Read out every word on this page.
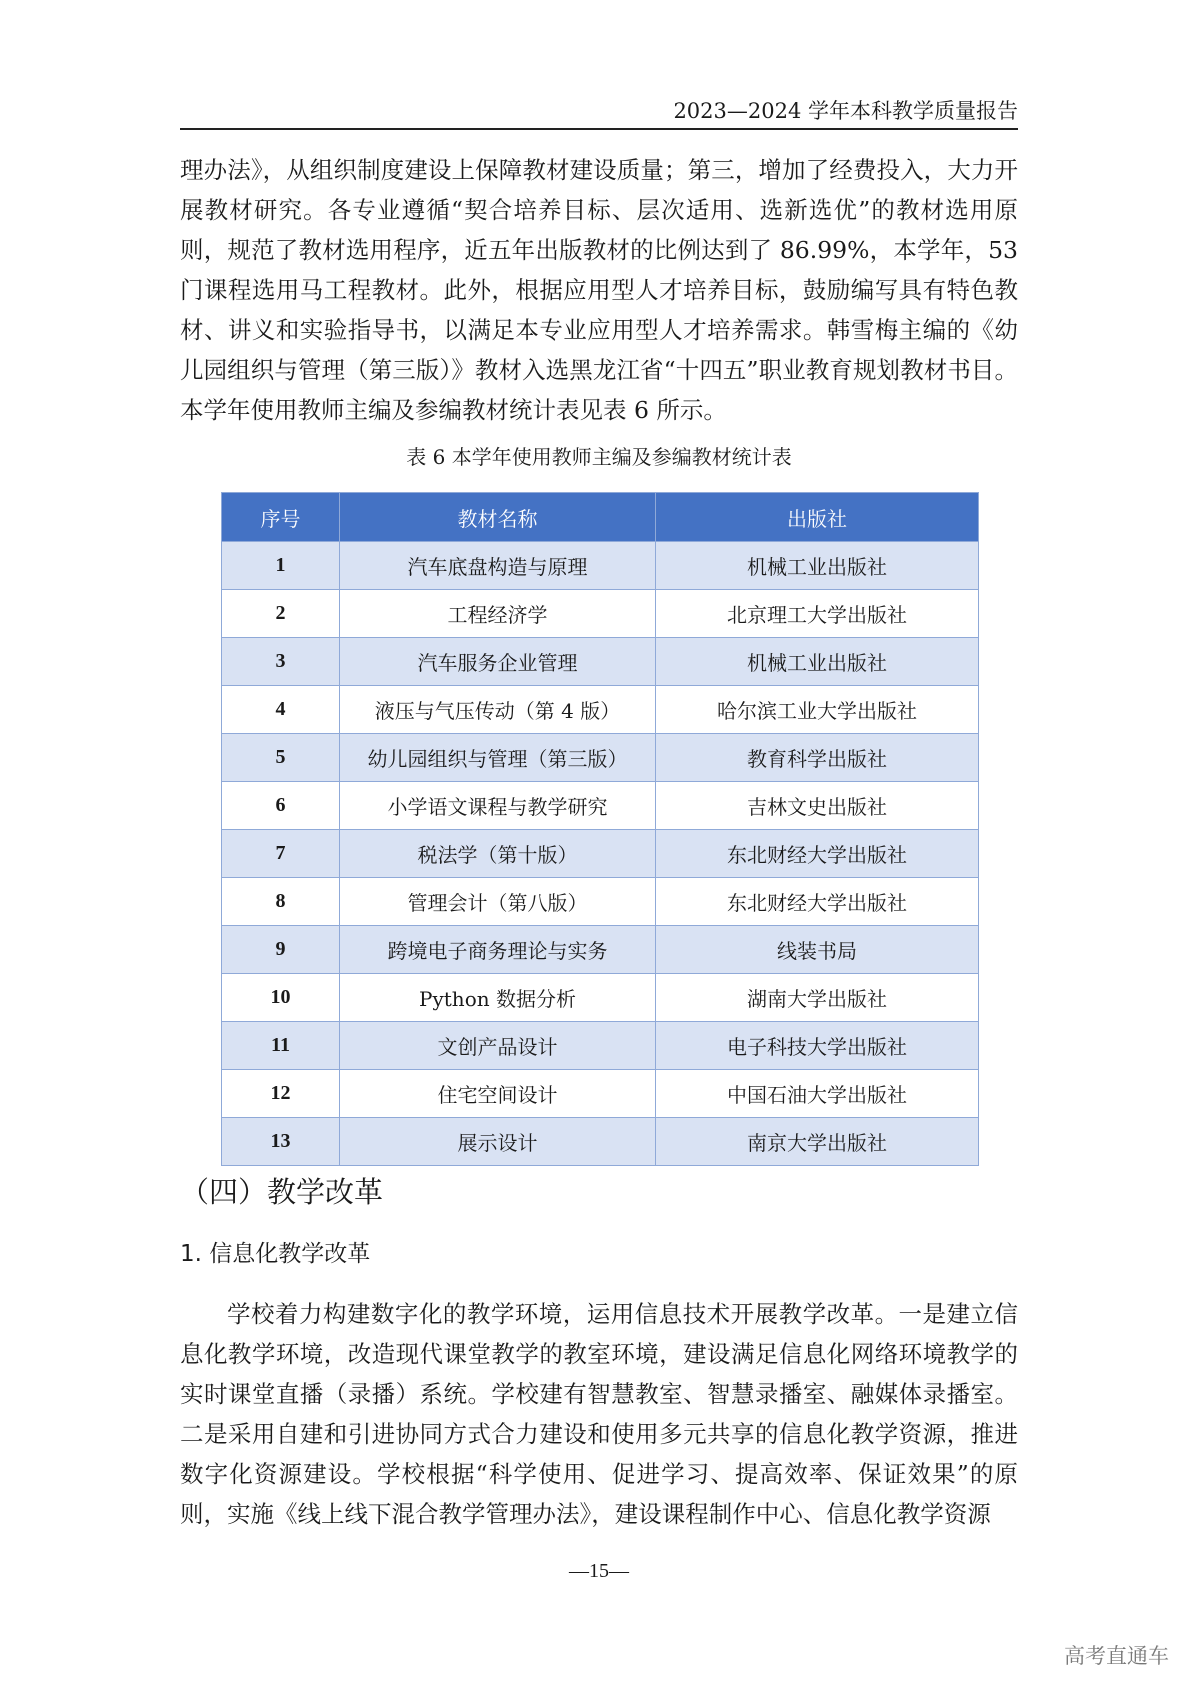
2023—2024 学年本科教学质量报告

理办法》，从组织制度建设上保障教材建设质量；第三，增加了经费投入，大力开展教材研究。各专业遵循“契合培养目标、层次适用、选新选优”的教材选用原则，规范了教材选用程序，近五年出版教材的比例达到了 86.99%，本学年，53 门课程选用马工程教材。此外，根据应用型人才培养目标，鼓励编写具有特色教材、讲义和实验指导书，以满足本专业应用型人才培养需求。韩雪梅主编的《幼儿园组织与管理（第三版）》教材入选黑龙江省“十四五”职业教育规划教材书目。本学年使用教师主编及参编教材统计表见表 6 所示。

表 6 本学年使用教师主编及参编教材统计表
序号	教材名称	出版社
1	汽车底盘构造与原理	机械工业出版社
2	工程经济学	北京理工大学出版社
3	汽车服务企业管理	机械工业出版社
4	液压与气压传动（第 4 版）	哈尔滨工业大学出版社
5	幼儿园组织与管理（第三版）	教育科学出版社
6	小学语文课程与教学研究	吉林文史出版社
7	税法学（第十版）	东北财经大学出版社
8	管理会计（第八版）	东北财经大学出版社
9	跨境电子商务理论与实务	线装书局
10	Python 数据分析	湖南大学出版社
11	文创产品设计	电子科技大学出版社
12	住宅空间设计	中国石油大学出版社
13	展示设计	南京大学出版社
（四）教学改革
1. 信息化教学改革

学校着力构建数字化的教学环境，运用信息技术开展教学改革。一是建立信息化教学环境，改造现代课堂教学的教室环境，建设满足信息化网络环境教学的实时课堂直播（录播）系统。学校建有智慧教室、智慧录播室、融媒体录播室。二是采用自建和引进协同方式合力建设和使用多元共享的信息化教学资源，推进数字化资源建设。学校根据“科学使用、促进学习、提高效率、保证效果”的原则，实施《线上线下混合教学管理办法》，建设课程制作中心、信息化教学资源

—15—
高考直通车
